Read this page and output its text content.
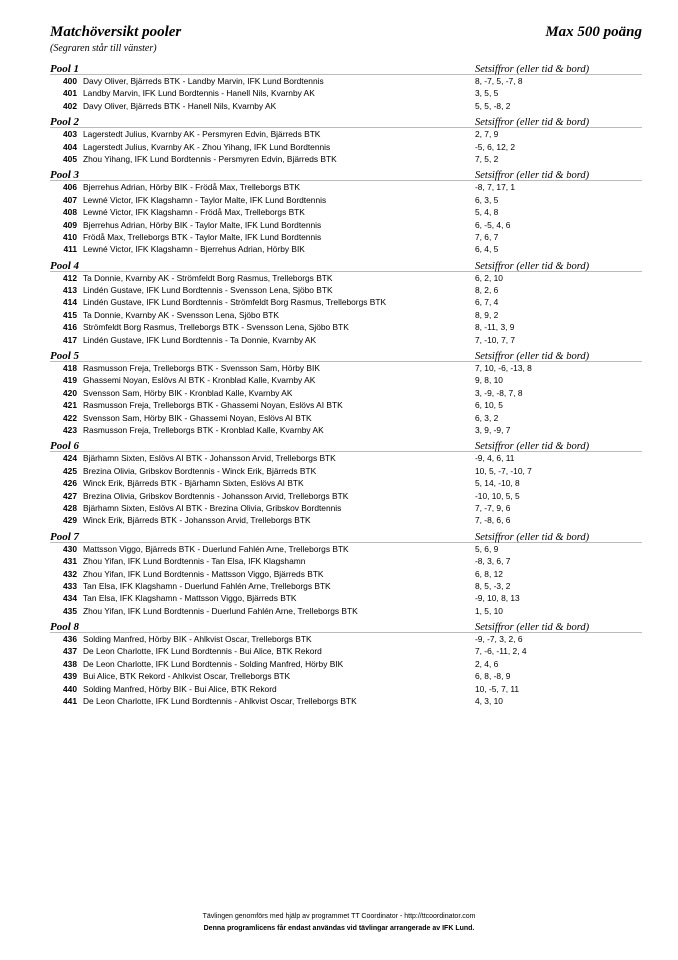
Matchöversikt pooler	Max 500 poäng
(Segraren står till vänster)
Pool 1	Setsiffror (eller tid & bord)
400 Davy Oliver, Bjärreds BTK - Landby Marvin, IFK Lund Bordtennis	8, -7, 5, -7, 8
401 Landby Marvin, IFK Lund Bordtennis - Hanell Nils, Kvarnby AK	3, 5, 5
402 Davy Oliver, Bjärreds BTK - Hanell Nils, Kvarnby AK	5, 5, -8, 2
Pool 2	Setsiffror (eller tid & bord)
403 Lagerstedt Julius, Kvarnby AK - Persmyren Edvin, Bjärreds BTK	2, 7, 9
404 Lagerstedt Julius, Kvarnby AK - Zhou Yihang, IFK Lund Bordtennis	-5, 6, 12, 2
405 Zhou Yihang, IFK Lund Bordtennis - Persmyren Edvin, Bjärreds BTK	7, 5, 2
Pool 3	Setsiffror (eller tid & bord)
406 Bjerrehus Adrian, Hörby BIK - Frödå Max, Trelleborgs BTK	-8, 7, 17, 1
407 Lewné Victor, IFK Klagshamn - Taylor Malte, IFK Lund Bordtennis	6, 3, 5
408 Lewné Victor, IFK Klagshamn - Frödå Max, Trelleborgs BTK	5, 4, 8
409 Bjerrehus Adrian, Hörby BIK - Taylor Malte, IFK Lund Bordtennis	6, -5, 4, 6
410 Frödå Max, Trelleborgs BTK - Taylor Malte, IFK Lund Bordtennis	7, 6, 7
411 Lewné Victor, IFK Klagshamn - Bjerrehus Adrian, Hörby BIK	6, 4, 5
Pool 4	Setsiffror (eller tid & bord)
412 Ta Donnie, Kvarnby AK - Strömfeldt Borg Rasmus, Trelleborgs BTK	6, 2, 10
413 Lindén Gustave, IFK Lund Bordtennis - Svensson Lena, Sjöbo BTK	8, 2, 6
414 Lindén Gustave, IFK Lund Bordtennis - Strömfeldt Borg Rasmus, Trelleborgs BTK	6, 7, 4
415 Ta Donnie, Kvarnby AK - Svensson Lena, Sjöbo BTK	8, 9, 2
416 Strömfeldt Borg Rasmus, Trelleborgs BTK - Svensson Lena, Sjöbo BTK	8, -11, 3, 9
417 Lindén Gustave, IFK Lund Bordtennis - Ta Donnie, Kvarnby AK	7, -10, 7, 7
Pool 5	Setsiffror (eller tid & bord)
418 Rasmusson Freja, Trelleborgs BTK - Svensson Sam, Hörby BIK	7, 10, -6, -13, 8
419 Ghassemi Noyan, Eslövs AI BTK - Kronblad Kalle, Kvarnby AK	9, 8, 10
420 Svensson Sam, Hörby BIK - Kronblad Kalle, Kvarnby AK	3, -9, -8, 7, 8
421 Rasmusson Freja, Trelleborgs BTK - Ghassemi Noyan, Eslövs AI BTK	6, 10, 5
422 Svensson Sam, Hörby BIK - Ghassemi Noyan, Eslövs AI BTK	6, 3, 2
423 Rasmusson Freja, Trelleborgs BTK - Kronblad Kalle, Kvarnby AK	3, 9, -9, 7
Pool 6	Setsiffror (eller tid & bord)
424 Bjärhamn Sixten, Eslövs AI BTK - Johansson Arvid, Trelleborgs BTK	-9, 4, 6, 11
425 Brezina Olivia, Gribskov Bordtennis - Winck Erik, Bjärreds BTK	10, 5, -7, -10, 7
426 Winck Erik, Bjärreds BTK - Bjärhamn Sixten, Eslövs AI BTK	5, 14, -10, 8
427 Brezina Olivia, Gribskov Bordtennis - Johansson Arvid, Trelleborgs BTK	-10, 10, 5, 5
428 Bjärhamn Sixten, Eslövs AI BTK - Brezina Olivia, Gribskov Bordtennis	7, -7, 9, 6
429 Winck Erik, Bjärreds BTK - Johansson Arvid, Trelleborgs BTK	7, -8, 6, 6
Pool 7	Setsiffror (eller tid & bord)
430 Mattsson Viggo, Bjärreds BTK - Duerlund Fahlén Arne, Trelleborgs BTK	5, 6, 9
431 Zhou Yifan, IFK Lund Bordtennis - Tan Elsa, IFK Klagshamn	-8, 3, 6, 7
432 Zhou Yifan, IFK Lund Bordtennis - Mattsson Viggo, Bjärreds BTK	6, 8, 12
433 Tan Elsa, IFK Klagshamn - Duerlund Fahlén Arne, Trelleborgs BTK	8, 5, -3, 2
434 Tan Elsa, IFK Klagshamn - Mattsson Viggo, Bjärreds BTK	-9, 10, 8, 13
435 Zhou Yifan, IFK Lund Bordtennis - Duerlund Fahlén Arne, Trelleborgs BTK	1, 5, 10
Pool 8	Setsiffror (eller tid & bord)
436 Solding Manfred, Hörby BIK - Ahlkvist Oscar, Trelleborgs BTK	-9, -7, 3, 2, 6
437 De Leon Charlotte, IFK Lund Bordtennis - Bui Alice, BTK Rekord	7, -6, -11, 2, 4
438 De Leon Charlotte, IFK Lund Bordtennis - Solding Manfred, Hörby BIK	2, 4, 6
439 Bui Alice, BTK Rekord - Ahlkvist Oscar, Trelleborgs BTK	6, 8, -8, 9
440 Solding Manfred, Hörby BIK - Bui Alice, BTK Rekord	10, -5, 7, 11
441 De Leon Charlotte, IFK Lund Bordtennis - Ahlkvist Oscar, Trelleborgs BTK	4, 3, 10
Tävlingen genomförs med hjälp av programmet TT Coordinator - http://ttcoordinator.com
Denna programlicens får endast användas vid tävlingar arrangerade av IFK Lund.
